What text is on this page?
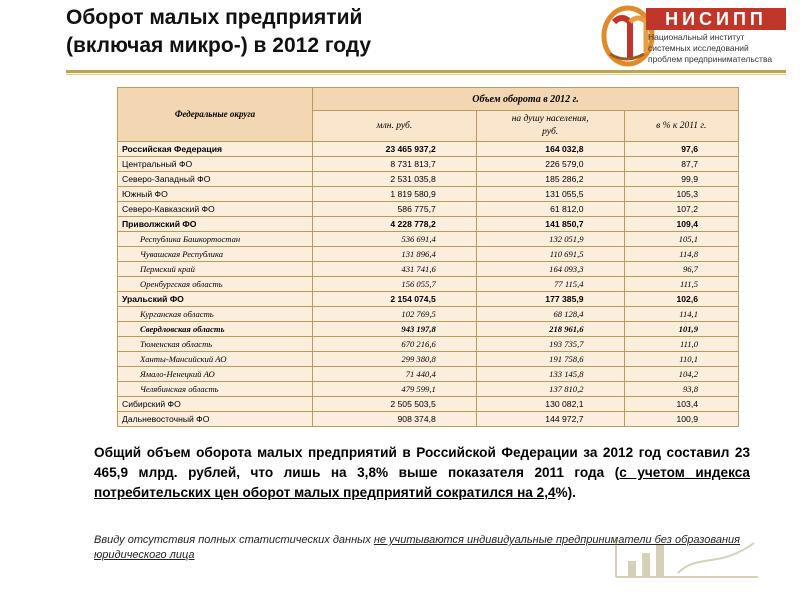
Оборот малых предприятий
(включая микро-) в 2012 году
НИСИПП
Национальный институт
системных исследований
проблем предпринимательства
Федеральные округа	Объем оборота в 2012 г.		
	млн. руб.	на душу населения,
руб.	в % к 2011 г.
Российская Федерация	23 465 937,2	164 032,8	97,6
Центральный ФО	8 731 813,7	226 579,0	87,7
Северо-Западный ФО	2 531 035,8	185 286,2	99,9
Южный ФО	1 819 580,9	131 055,5	105,3
Северо-Кавказский ФО	586 775,7	61 812,0	107,2
Приволжский ФО	4 228 778,2	141 850,7	109,4
Республика Башкортостан	536 691,4	132 051,9	105,1
Чувашская Республика	131 896,4	110 691,5	114,8
Пермский край	431 741,6	164 093,3	96,7
Оренбургская область	156 055,7	77 115,4	111,5
Уральский ФО	2 154 074,5	177 385,9	102,6
Курганская область	102 769,5	68 128,4	114,1
Свердловская область	943 197,8	218 961,6	101,9
Тюменская область	670 216,6	193 735,7	111,0
Ханты-Мансийский АО	299 380,8	191 758,6	110,1
Ямало-Ненецкий АО	71 440,4	133 145,8	104,2
Челябинская область	479 599,1	137 810,2	93,8
Сибирский ФО	2 505 503,5	130 082,1	103,4
Дальневосточный ФО	908 374,8	144 972,7	100,9
Общий объем оборота малых предприятий в Российской Федерации за 2012 год составил 23 465,9 млрд. рублей, что лишь на 3,8% выше показателя 2011 года (с учетом индекса потребительских цен оборот малых предприятий сократился на 2,4%).
Ввиду отсутствия полных статистических данных не учитываются индивидуальные предприниматели без образования юридического лица
